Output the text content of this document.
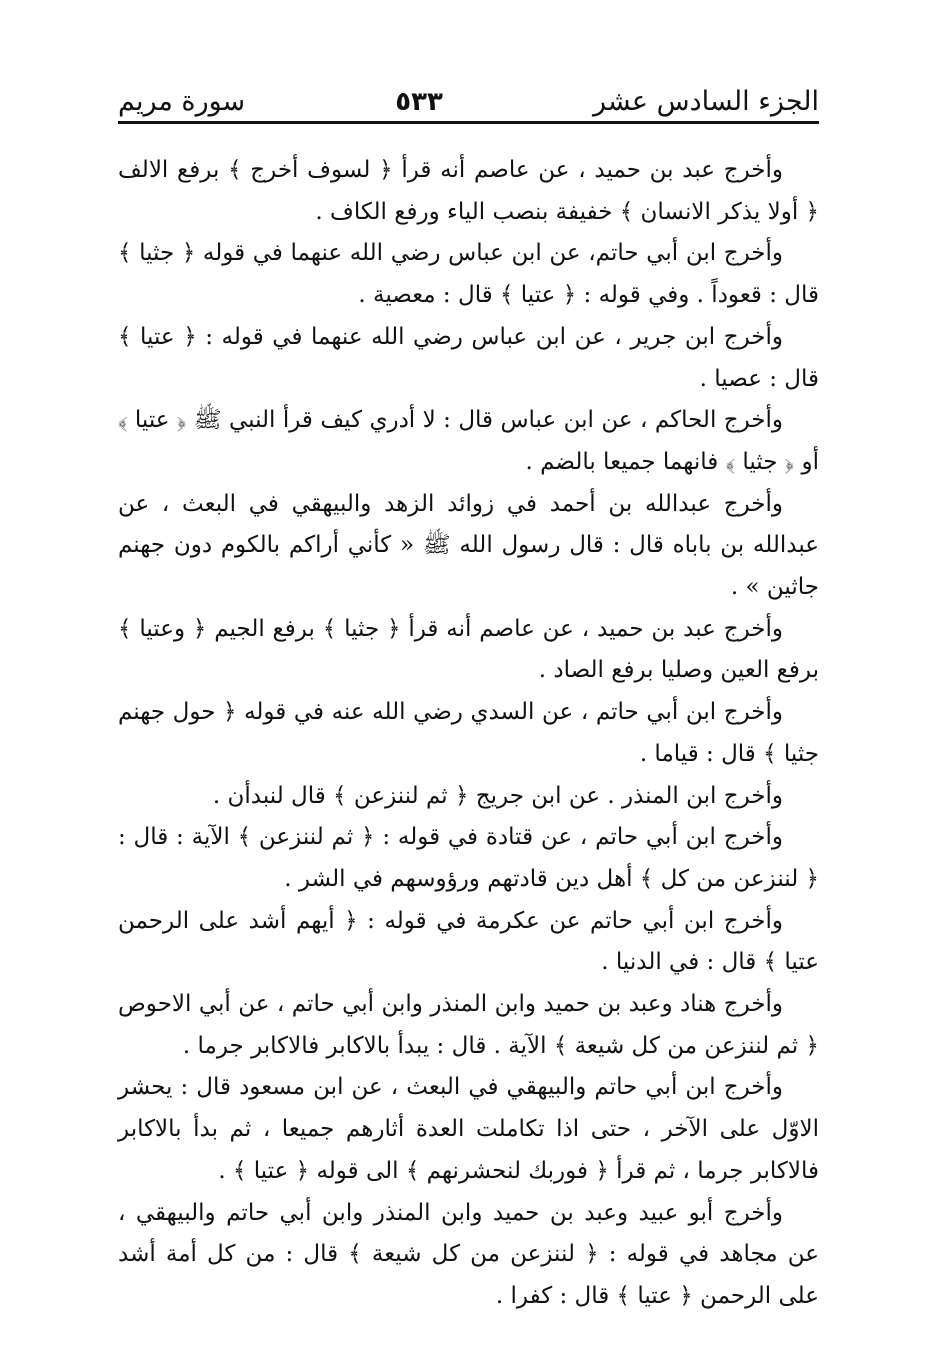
الجزء السادس عشر
٥٣٣
سورة مريم

وأخرج عبد بن حميد ، عن عاصم أنه قرأ ﴿ لسوف أخرج ﴾ برفع الالف ﴿ أولا يذكر الانسان ﴾ خفيفة بنصب الياء ورفع الكاف .

وأخرج ابن أبي حاتم، عن ابن عباس رضي الله عنهما في قوله ﴿ جثيا ﴾ قال : قعوداً . وفي قوله : ﴿ عتيا ﴾ قال : معصية .

وأخرج ابن جرير ، عن ابن عباس رضي الله عنهما في قوله : ﴿ عتيا ﴾ قال : عصيا .

وأخرج الحاكم ، عن ابن عباس قال : لا أدري كيف قرأ النبي ﷺ ﴿ عتيا ﴾ أو ﴿ جثيا ﴾ فانهما جميعا بالضم .

وأخرج عبدالله بن أحمد في زوائد الزهد والبيهقي في البعث ، عن عبدالله بن باباه قال : قال رسول الله ﷺ « كأني أراكم بالكوم دون جهنم جاثين » .

وأخرج عبد بن حميد ، عن عاصم أنه قرأ ﴿ جثيا ﴾ برفع الجيم ﴿ وعتيا ﴾ برفع العين وصليا برفع الصاد .

وأخرج ابن أبي حاتم ، عن السدي رضي الله عنه في قوله ﴿ حول جهنم جثيا ﴾ قال : قياما .

وأخرج ابن المنذر . عن ابن جريج ﴿ ثم لننزعن ﴾ قال لنبدأن .

وأخرج ابن أبي حاتم ، عن قتادة في قوله : ﴿ ثم لننزعن ﴾ الآية : قال : ﴿ لننزعن من كل ﴾ أهل دين قادتهم ورؤوسهم في الشر .

وأخرج ابن أبي حاتم عن عكرمة في قوله : ﴿ أيهم أشد على الرحمن عتيا ﴾ قال : في الدنيا .

وأخرج هناد وعبد بن حميد وابن المنذر وابن أبي حاتم ، عن أبي الاحوص ﴿ ثم لننزعن من كل شيعة ﴾ الآية . قال : يبدأ بالاكابر فالاكابر جرما .

وأخرج ابن أبي حاتم والبيهقي في البعث ، عن ابن مسعود قال : يحشر الاوّل على الآخر ، حتى اذا تكاملت العدة أثارهم جميعا ، ثم بدأ بالاكابر فالاكابر جرما ، ثم قرأ ﴿ فوربك لنحشرنهم ﴾ الى قوله ﴿ عتيا ﴾ .

وأخرج أبو عبيد وعبد بن حميد وابن المنذر وابن أبي حاتم والبيهقي ، عن مجاهد في قوله : ﴿ لننزعن من كل شيعة ﴾ قال : من كل أمة أشد على الرحمن ﴿ عتيا ﴾ قال : كفرا .
